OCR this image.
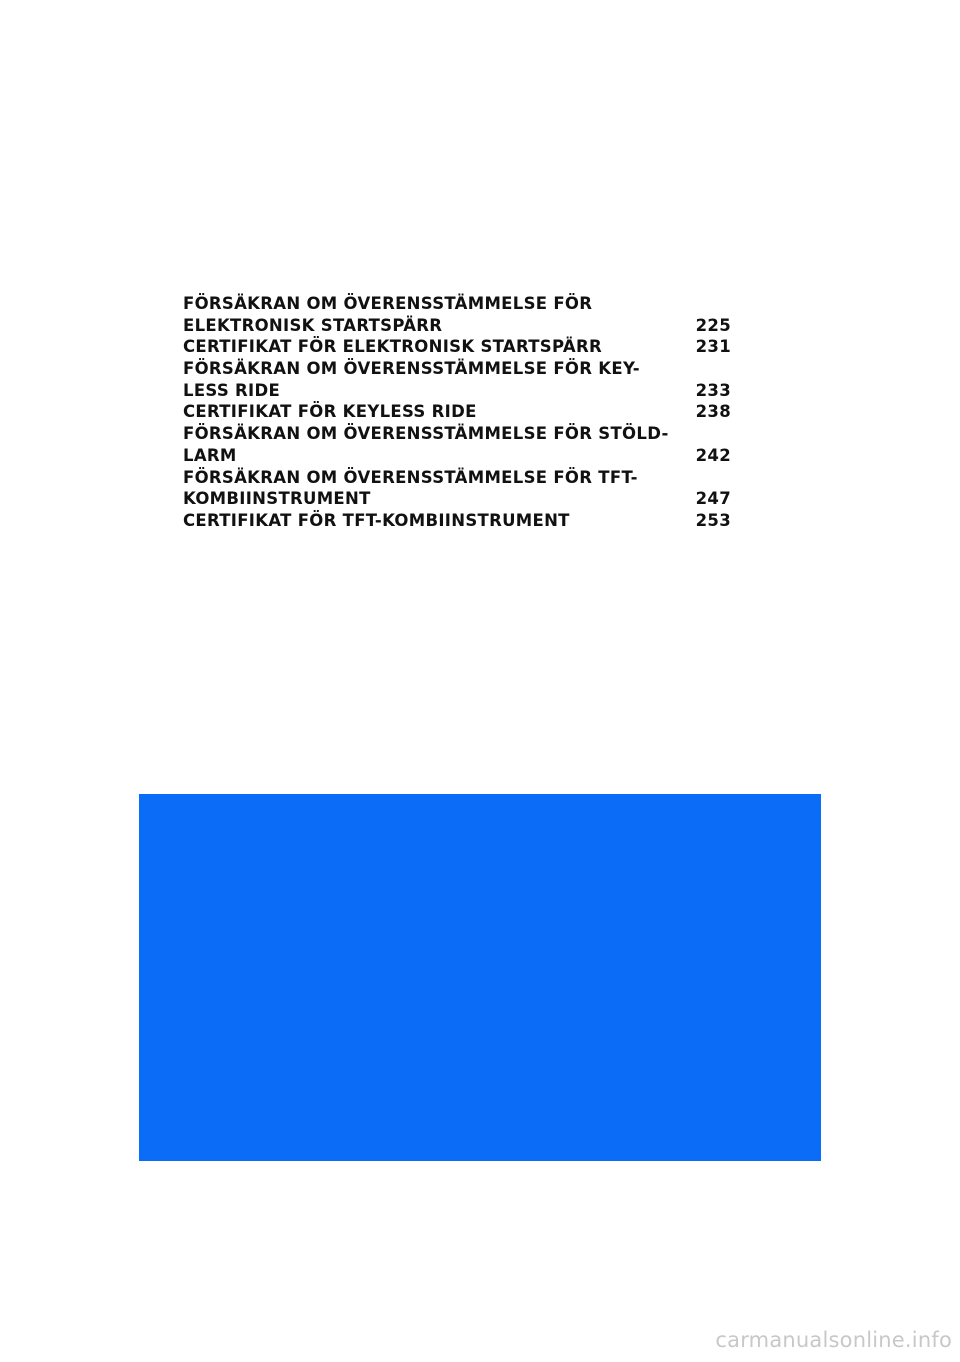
FÖRSÄKRAN OM ÖVERENSSTÄMMELSE FÖR
ELEKTRONISK STARTSPÄRR	225
CERTIFIKAT FÖR ELEKTRONISK STARTSPÄRR	231
FÖRSÄKRAN OM ÖVERENSSTÄMMELSE FÖR KEY-
LESS RIDE	233
CERTIFIKAT FÖR KEYLESS RIDE	238
FÖRSÄKRAN OM ÖVERENSSTÄMMELSE FÖR STÖLD-
LARM	242
FÖRSÄKRAN OM ÖVERENSSTÄMMELSE FÖR TFT-
KOMBIINSTRUMENT	247
CERTIFIKAT FÖR TFT-KOMBIINSTRUMENT	253
carmanualsonline.info
